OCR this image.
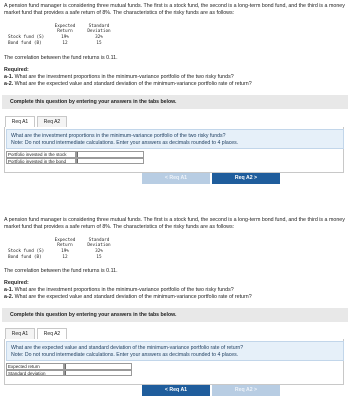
A pension fund manager is considering three mutual funds. The first is a stock fund, the second is a long-term bond fund, and the third is a money market fund that provides a safe return of 8%. The characteristics of the risky funds are as follows:

Expected
Return
Standard
Deviation
Stock fund (S)	19%	32%
Bond fund (B)	12	15

The correlation between the fund returns is 0.11.

Required:
a-1. What are the investment proportions in the minimum-variance portfolio of the two risky funds?
a-2. What are the expected value and standard deviation of the minimum-variance portfolio rate of return?
Complete this question by entering your answers in the tabs below.
Req A1	Req A2
What are the investment proportions in the minimum-variance portfolio of the two risky funds?
Note: Do not round intermediate calculations. Enter your answers as decimals rounded to 4 places.
Portfolio invested in the stock
Portfolio invested in the bond
< Req A1	Req A2 >

A pension fund manager is considering three mutual funds. The first is a stock fund, the second is a long-term bond fund, and the third is a money market fund that provides a safe return of 8%. The characteristics of the risky funds are as follows:

Expected
Return
Standard
Deviation
Stock fund (S)	19%	32%
Bond fund (B)	12	15

The correlation between the fund returns is 0.11.

Required:
a-1. What are the investment proportions in the minimum-variance portfolio of the two risky funds?
a-2. What are the expected value and standard deviation of the minimum-variance portfolio rate of return?
Complete this question by entering your answers in the tabs below.
Req A1	Req A2
What are the expected value and standard deviation of the minimum-variance portfolio rate of return?
Note: Do not round intermediate calculations. Enter your answers as decimals rounded to 4 places.
Expected return
Standard deviation
< Req A1	Req A2 >
